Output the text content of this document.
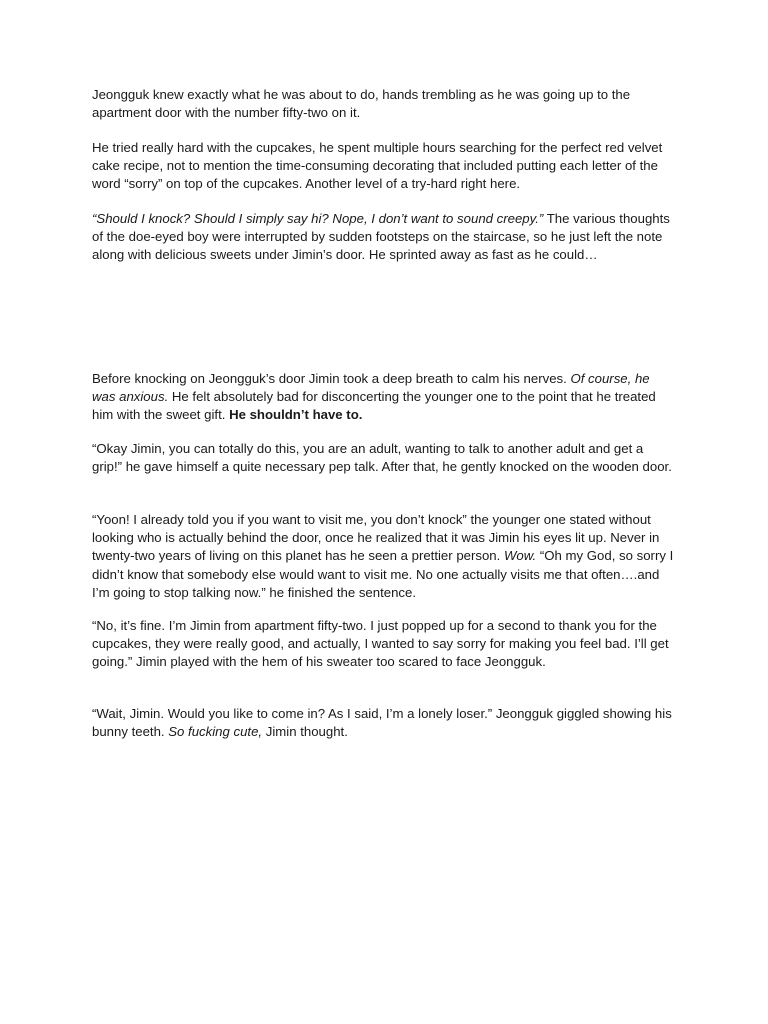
Jeongguk knew exactly what he was about to do, hands trembling as he was going up to the apartment door with the number fifty-two on it.

He tried really hard with the cupcakes, he spent multiple hours searching for the perfect red velvet cake recipe, not to mention the time-consuming decorating that included putting each letter of the word “sorry” on top of the cupcakes. Another level of a try-hard right here.

“Should I knock? Should I simply say hi? Nope, I don’t want to sound creepy.” The various thoughts of the doe-eyed boy were interrupted by sudden footsteps on the staircase, so he just left the note along with delicious sweets under Jimin’s door. He sprinted away as fast as he could…

Before knocking on Jeongguk’s door Jimin took a deep breath to calm his nerves. Of course, he was anxious. He felt absolutely bad for disconcerting the younger one to the point that he treated him with the sweet gift. He shouldn’t have to.

“Okay Jimin, you can totally do this, you are an adult, wanting to talk to another adult and get a grip!” he gave himself a quite necessary pep talk. After that, he gently knocked on the wooden door.

“Yoon! I already told you if you want to visit me, you don’t knock” the younger one stated without looking who is actually behind the door, once he realized that it was Jimin his eyes lit up. Never in twenty-two years of living on this planet has he seen a prettier person. Wow. “Oh my God, so sorry I didn’t know that somebody else would want to visit me. No one actually visits me that often….and I’m going to stop talking now.” he finished the sentence.

“No, it’s fine. I’m Jimin from apartment fifty-two. I just popped up for a second to thank you for the cupcakes, they were really good, and actually, I wanted to say sorry for making you feel bad. I’ll get going.” Jimin played with the hem of his sweater too scared to face Jeongguk.

“Wait, Jimin. Would you like to come in? As I said, I’m a lonely loser.” Jeongguk giggled showing his bunny teeth. So fucking cute, Jimin thought.
